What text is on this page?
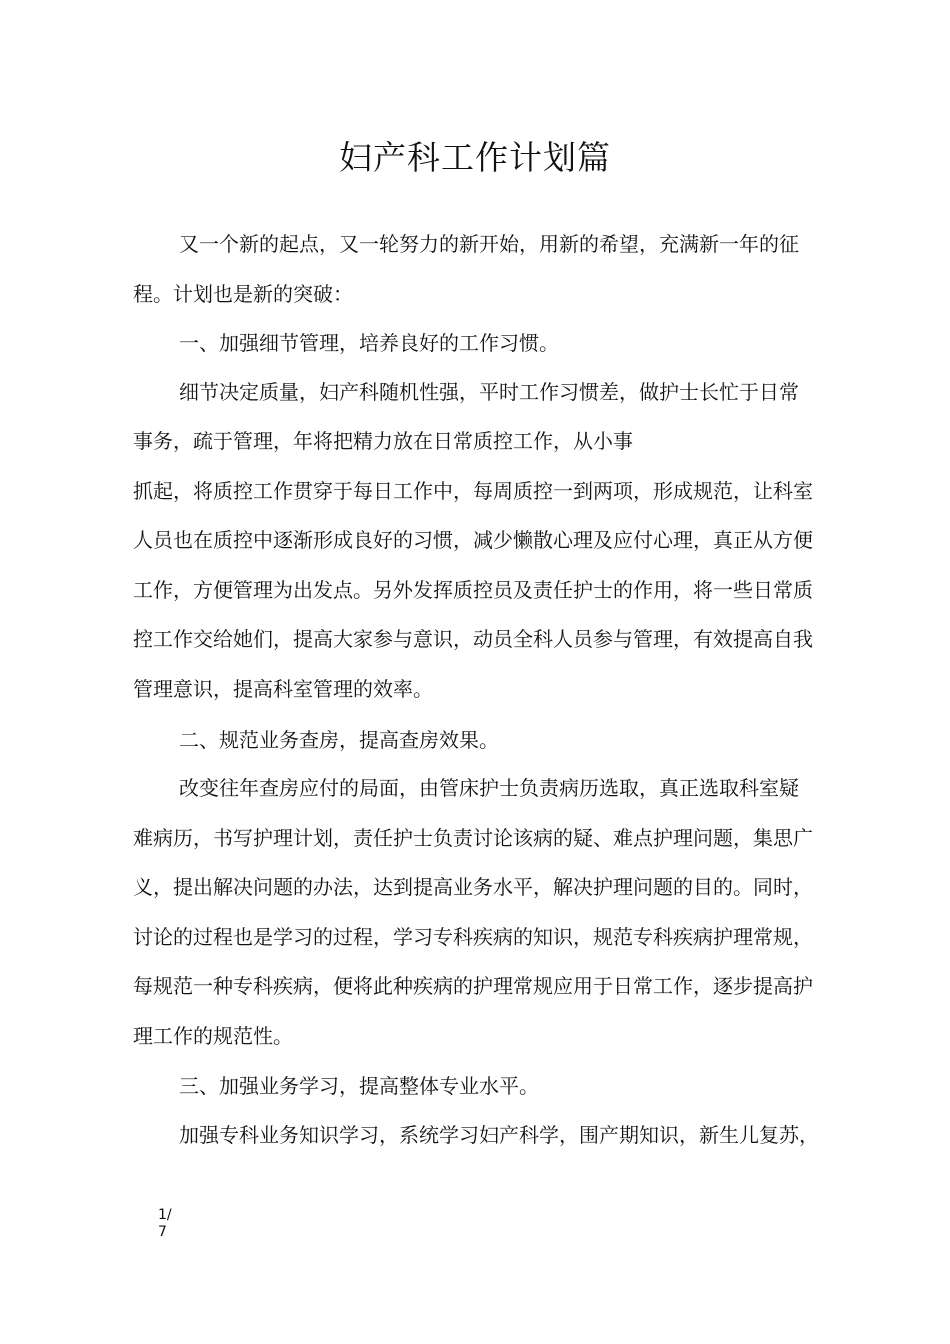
妇产科工作计划篇

又一个新的起点，又一轮努力的新开始，用新的希望，充满新一年的征

程。计划也是新的突破：

一、加强细节管理，培养良好的工作习惯。

细节决定质量，妇产科随机性强，平时工作习惯差，做护士长忙于日常

事务，疏于管理，年将把精力放在日常质控工作，从小事

抓起，将质控工作贯穿于每日工作中，每周质控一到两项，形成规范，让科室

人员也在质控中逐渐形成良好的习惯，减少懒散心理及应付心理，真正从方便

工作，方便管理为出发点。另外发挥质控员及责任护士的作用，将一些日常质

控工作交给她们，提高大家参与意识，动员全科人员参与管理，有效提高自我

管理意识，提高科室管理的效率。

二、规范业务查房，提高查房效果。

改变往年查房应付的局面，由管床护士负责病历选取，真正选取科室疑

难病历，书写护理计划，责任护士负责讨论该病的疑、难点护理问题，集思广

义，提出解决问题的办法，达到提高业务水平，解决护理问题的目的。同时，

讨论的过程也是学习的过程，学习专科疾病的知识，规范专科疾病护理常规，

每规范一种专科疾病，便将此种疾病的护理常规应用于日常工作，逐步提高护

理工作的规范性。

三、加强业务学习，提高整体专业水平。

加强专科业务知识学习，系统学习妇产科学，围产期知识，新生儿复苏，

1/
7
